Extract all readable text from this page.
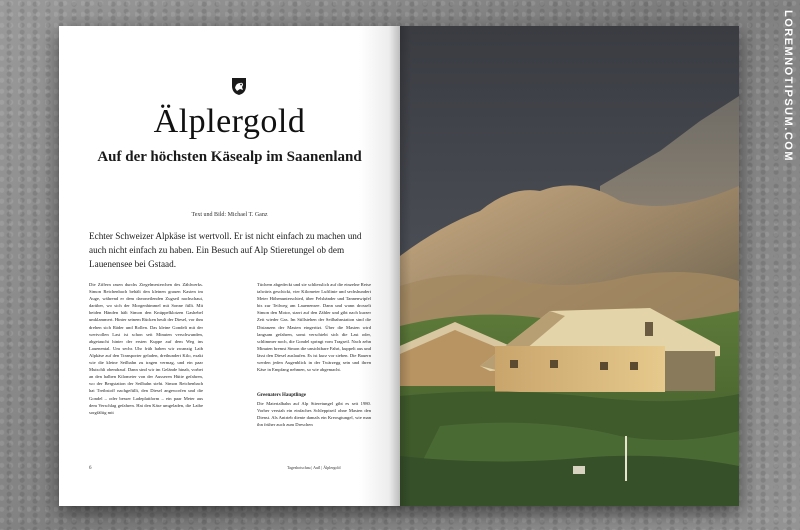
LOREMNOTIPSUM.COM
Älplergold
Auf der höchsten Käsealp im Saanenland
Text und Bild: Michael T. Ganz
Echter Schweizer Alpkäse ist wertvoll. Er ist nicht einfach zu machen und auch nicht einfach zu haben. Ein Besuch auf Alp Stieretungel ob dem Lauenensee bei Gstaad.
Die Ziffern rasen durchs Ziegelmesterchen des Zählwerks. Simon Reichenbach behält den kleinen grauen Kasten im Auge, während er dem davoneilenden Zugseil nachschaut, darüber, wo sich der Morgenhimmel mit Sonne füllt. Mit beiden Händen hält Simon den Knüppelklotzen Gashebel umklammert. Hinter seinem Rücken heult der Diesel, vor ihm drehen sich Räder und Rollen. Das kleine Gondeli mit der wertvollen Last ist schon seit Minuten verschwunden, abgetaucht hinter der ersten Kuppe auf dem Weg ins Lauenental. Um sechs Uhr früh haben wir zwanzig Laib Alpkäse auf den Transporter geladen, dreihundert Kilo, exakt wie die kleine Seilbahn zu tragen vermag, und ein paar Mutschli obendrauf. Dann sind wir im Gelände hinab, vorbei an den halben Kilometer von der Ausseren Hütte gefahren, wo der Bergstation der Seilbahn steht. Simon Reichenbach hat Treibstoff nachgefüllt, den Diesel angeworfen und die Gondel – oder besser Ladeplattform – ein paar Meter aus dem Verschlag gefahren. Hat den Käse umgeladen, die Laibe sorgfältig mit
Tüchern abgedeckt und sie schliesslich auf die einzelne Reise talwärts geschickt, vier Kilometer Luftlinie und sechshundert Meter Höhenunterschied, über Felsbänder und Tannenwipfel bis zur Teilweg am Lauenensee. Dann und wann drosselt Simon den Motor, starrt auf den Zähler und gibt nach kurzer Zeit wieder Gas. Im Stillstehen der Seilbahnstation sind die Distanzen der Masten eingeritzt. Über die Masten wird langsam gefahren, sonst verschiebt sich die Last oder, schlimmer noch, die Gondel springt vom Tragseil. Nach zehn Minuten bremst Simon die unsichtbare Fahrt, kuppelt aus und lässt den Diesel auslaufen. Es ist kurz vor sieben. Die Bauern werden jeden Augenblick in der Twärzegg sein und ihren Käse in Empfang nehmen, so wie abgemacht.
Greenaters Hauptlinge
Die Materialbahn auf Alp Stieretungel gibt es seit 1980. Vorher verstah ein einfaches Schlepptseil ohne Masten den Dienst. Als Antrieb diente damals ein Kreosgtungel, wie man ihn früher auch zum Dreschen
6	Tagesbotschau | Aufl | Älplergold
